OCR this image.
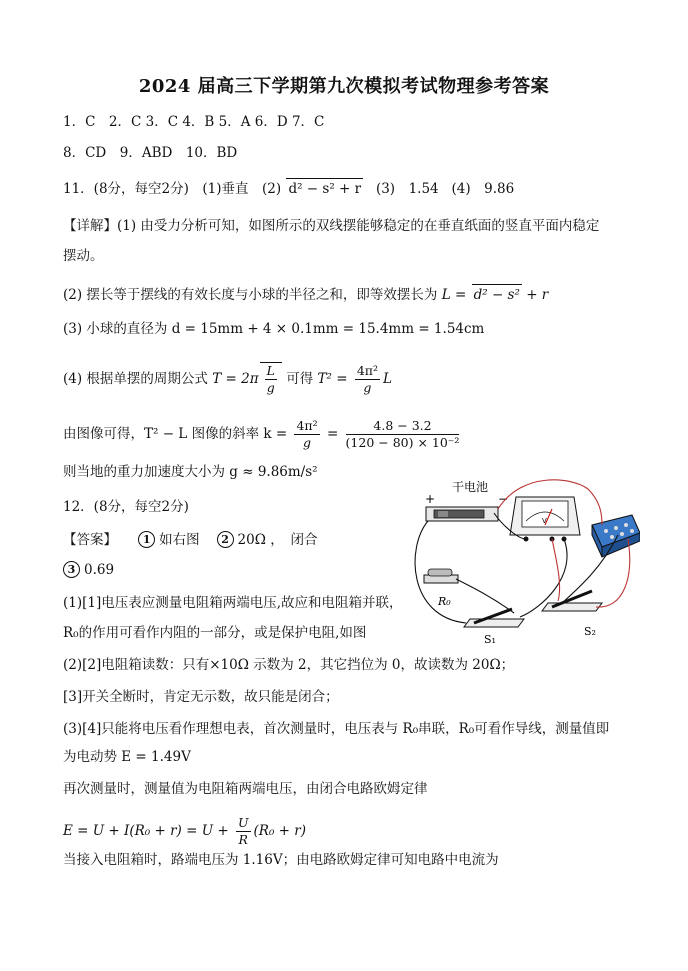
2024 届高三下学期第九次模拟考试物理参考答案
1．C　2．C 3．C 4．B 5．A 6．D 7．C
8．CD　9．ABD　10．BD
11．(8分，每空2分)　(1)垂直　(2) d² − s² + r (3)　1.54 (4)　9.86
【详解】(1) 由受力分析可知，如图所示的双线摆能够稳定的在垂直纸面的竖直平面内稳定
摆动。
(2) 摆长等于摆线的有效长度与小球的半径之和，即等效摆长为 L = d² − s² + r
(3) 小球的直径为 d = 15mm + 4 × 0.1mm = 15.4mm = 1.54cm
(4) 根据单摆的周期公式 $T = 2\pi \frac{L}{g}$ 可得 $T^2 = \frac{\text{4π²}}{g}$ L
由图像可得，T² − L 图像的斜率 $k = \frac{\text{4π²}}{g} = \frac{4.8 - 3.2}{\text{(120 − 80) × 10⁻²}}$
则当地的重力加速度大小为 g ≈ 9.86m/s²
12．(8分，每空2分)
【答案】 1 如右图 2 20Ω ，　闭合
3 0.69
(1)[1]电压表应测量电阻箱两端电压,故应和电阻箱并联，
R₀的作用可看作内阻的一部分，或是保护电阻,如图
(2)[2]电阻箱读数：只有×10Ω 示数为 2，其它挡位为 0，故读数为 20Ω；
[3]开关全断时，肯定无示数，故只能是闭合；
(3)[4]只能将电压看作理想电表，首次测量时，电压表与 R₀串联，R₀可看作导线，测量值即
为电动势 E = 1.49V
再次测量时，测量值为电阻箱两端电压，由闭合电路欧姆定律
$E = U + I(R_0 + r) = U + \frac{U}{R} (R_0 + r)$
当接入电阻箱时，路端电压为 1.16V；由电路欧姆定律可知电路中电流为
干电池
+	−
V
R₀
S₁
S₂
